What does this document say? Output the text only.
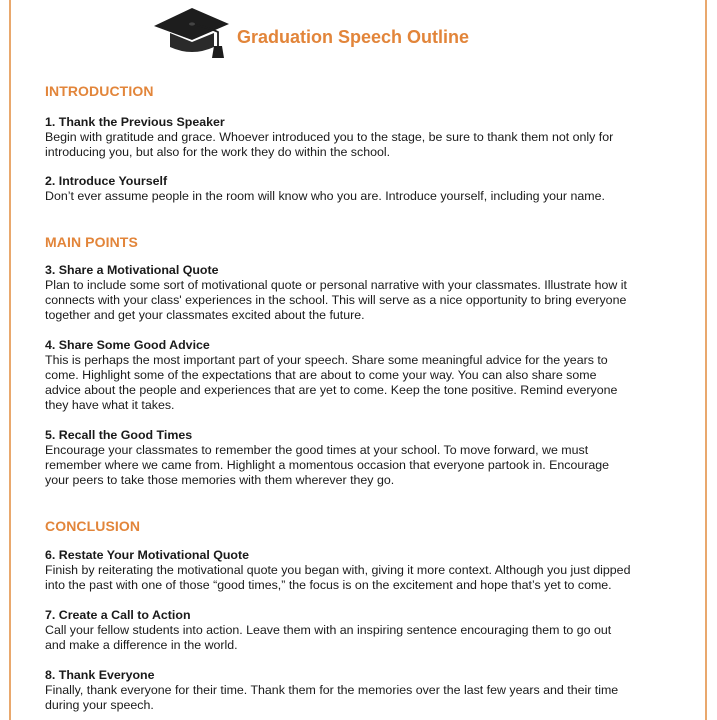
Graduation Speech Outline
INTRODUCTION

1. Thank the Previous Speaker

Begin with gratitude and grace. Whoever introduced you to the stage, be sure to thank them not only for
introducing you, but also for the work they do within the school.

2. Introduce Yourself

Don’t ever assume people in the room will know who you are. Introduce yourself, including your name.

MAIN POINTS

3. Share a Motivational Quote

Plan to include some sort of motivational quote or personal narrative with your classmates. Illustrate how it
connects with your class' experiences in the school. This will serve as a nice opportunity to bring everyone
together and get your classmates excited about the future.

4. Share Some Good Advice

This is perhaps the most important part of your speech. Share some meaningful advice for the years to
come. Highlight some of the expectations that are about to come your way. You can also share some
advice about the people and experiences that are yet to come. Keep the tone positive. Remind everyone
they have what it takes.

5. Recall the Good Times

Encourage your classmates to remember the good times at your school. To move forward, we must
remember where we came from. Highlight a momentous occasion that everyone partook in. Encourage
your peers to take those memories with them wherever they go.

CONCLUSION

6. Restate Your Motivational Quote

Finish by reiterating the motivational quote you began with, giving it more context. Although you just dipped
into the past with one of those “good times,” the focus is on the excitement and hope that’s yet to come.

7. Create a Call to Action

Call your fellow students into action. Leave them with an inspiring sentence encouraging them to go out
and make a difference in the world.

8. Thank Everyone

Finally, thank everyone for their time. Thank them for the memories over the last few years and their time
during your speech.
